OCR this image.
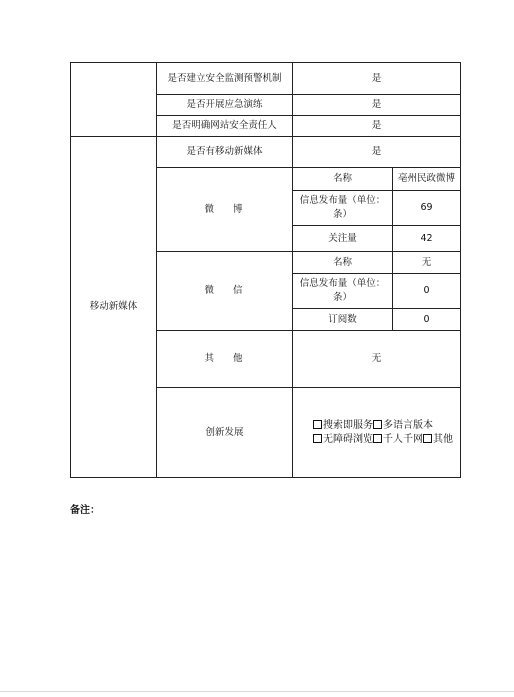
	是否建立安全监测预警机制	是	
	是否开展应急演练	是	
	是否明确网站安全责任人	是	
移动新媒体	是否有移动新媒体	是	
	微 博	名称	亳州民政微博
		信息发布量（单位：条）	69
		关注量	42
	微 信	名称	无
		信息发布量（单位：条）	0
		订阅数	0
	其 他	无	
	创新发展	搜索即服务 多语言版本无障碍浏览 千人千网 其他	
备注：
